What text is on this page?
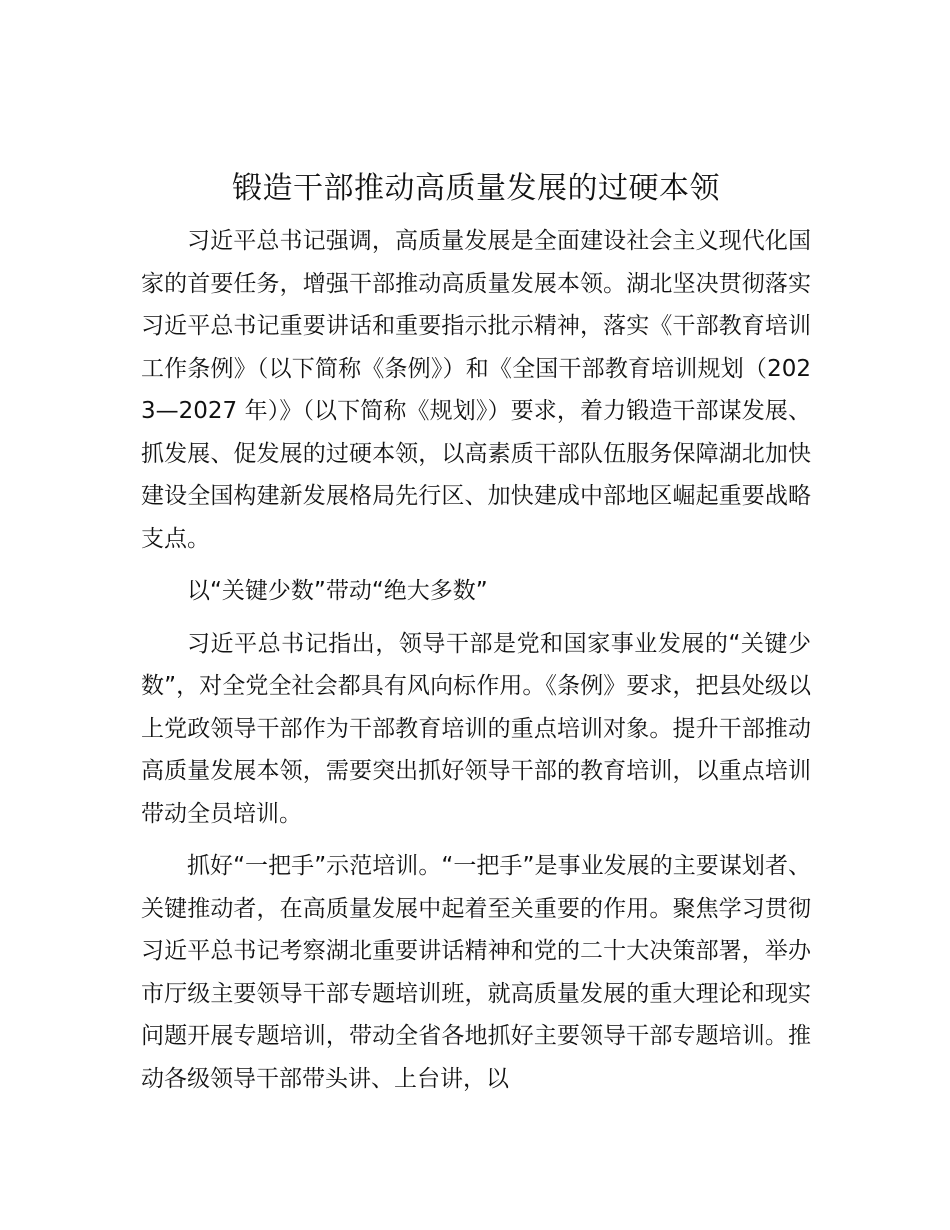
锻造干部推动高质量发展的过硬本领

习近平总书记强调，高质量发展是全面建设社会主义现代化国家的首要任务，增强干部推动高质量发展本领。湖北坚决贯彻落实习近平总书记重要讲话和重要指示批示精神，落实《干部教育培训工作条例》（以下简称《条例》）和《全国干部教育培训规划（2023—2027 年）》（以下简称《规划》）要求，着力锻造干部谋发展、抓发展、促发展的过硬本领，以高素质干部队伍服务保障湖北加快建设全国构建新发展格局先行区、加快建成中部地区崛起重要战略支点。

以“关键少数”带动“绝大多数”

习近平总书记指出，领导干部是党和国家事业发展的“关键少数”，对全党全社会都具有风向标作用。《条例》要求，把县处级以上党政领导干部作为干部教育培训的重点培训对象。提升干部推动高质量发展本领，需要突出抓好领导干部的教育培训，以重点培训带动全员培训。

抓好“一把手”示范培训。“一把手”是事业发展的主要谋划者、关键推动者，在高质量发展中起着至关重要的作用。聚焦学习贯彻习近平总书记考察湖北重要讲话精神和党的二十大决策部署，举办市厅级主要领导干部专题培训班，就高质量发展的重大理论和现实问题开展专题培训，带动全省各地抓好主要领导干部专题培训。推动各级领导干部带头讲、上台讲，以
